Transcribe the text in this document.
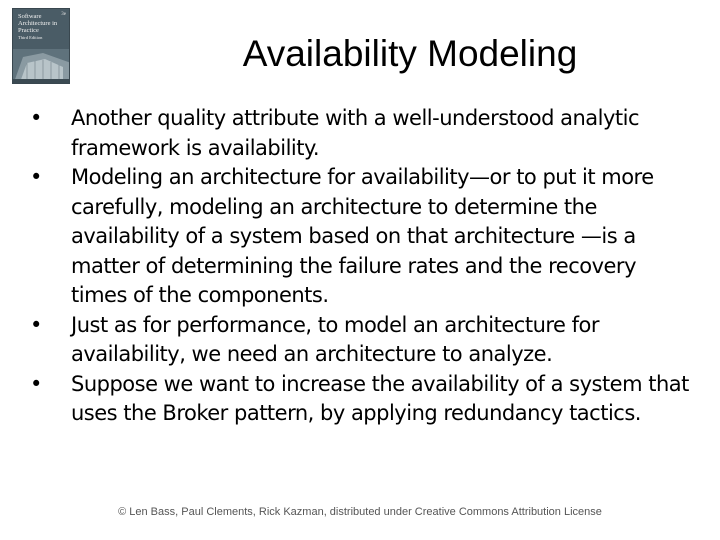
3e
Software Architecture in Practice
Third Edition	Availability Modeling
•	Another quality attribute with a well-understood analytic framework is availability.
•	Modeling an architecture for availability—or to put it more carefully, modeling an architecture to determine the availability of a system based on that architecture —is a matter of determining the failure rates and the recovery times of the components.
•	Just as for performance, to model an architecture for availability, we need an architecture to analyze.
•	Suppose we want to increase the availability of a system that uses the Broker pattern, by applying redundancy tactics.
© Len Bass, Paul Clements, Rick Kazman, distributed under Creative Commons Attribution License
